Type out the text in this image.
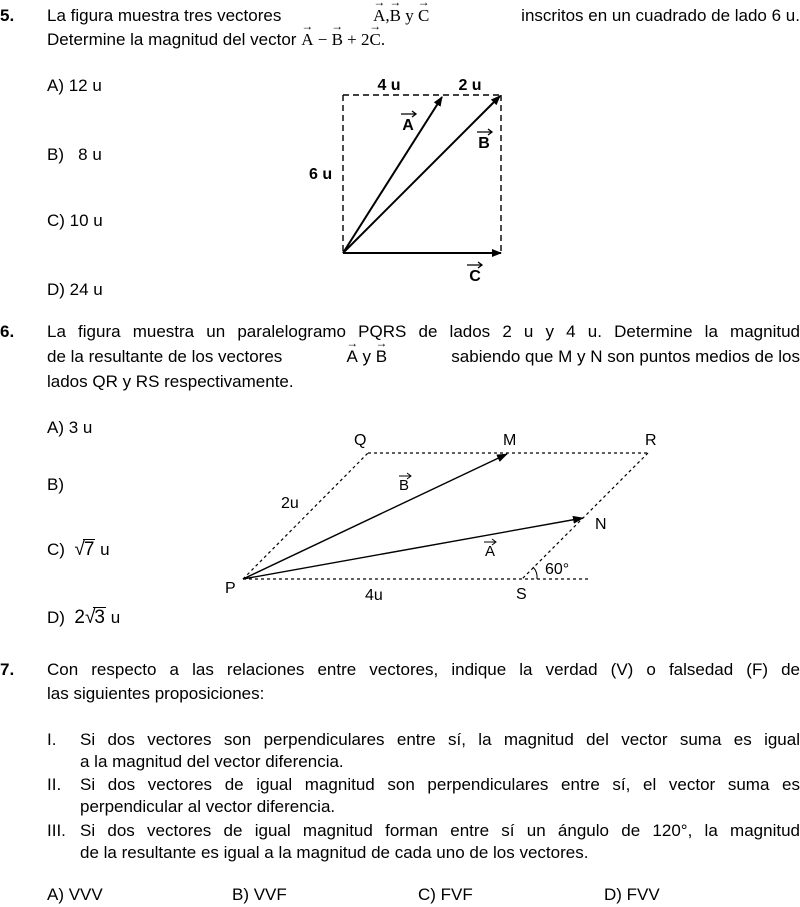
5. La figura muestra tres vectores	→ A,→ B y → C	inscritos en un cuadrado de lado 6 u.
Determine la magnitud del vector → A − → B + 2→ C.
A) 12 u
B)   8 u
C) 10 u
D) 24 u
4 u	2 u
6 u
A
B
C
6. La figura muestra un paralelogramo PQRS de lados 2 u y 4 u. Determine la magnitud
de la resultante de los vectores	→ A y → B	sabiendo que M y N son puntos medios de los
lados QR y RS respectivamente.
A) 3 u
B)
C) √7 u
D) 2√3 u
P
Q	R
S
M
N
2u
4u
B
A
60°
7. Con respecto a las relaciones entre vectores, indique la verdad (V) o falsedad (F) de
las siguientes proposiciones:
I. Si dos vectores son perpendiculares entre sí, la magnitud del vector suma es igual
a la magnitud del vector diferencia.
II. Si dos vectores de igual magnitud son perpendiculares entre sí, el vector suma es
perpendicular al vector diferencia.
III. Si dos vectores de igual magnitud forman entre sí un ángulo de 120°, la magnitud
de la resultante es igual a la magnitud de cada uno de los vectores.
A) VVV	B) VVF	C) FVF	D) FVV
